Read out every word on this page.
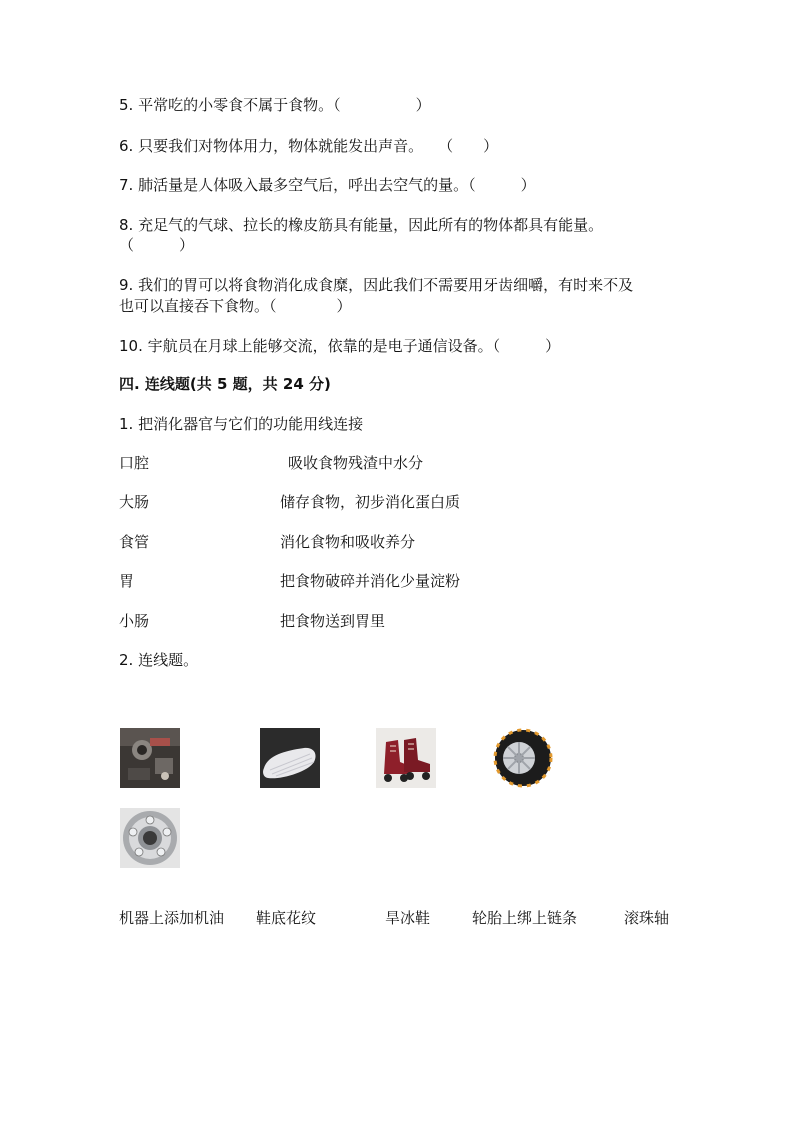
5. 平常吃的小零食不属于食物。（　　　　　）
6. 只要我们对物体用力，物体就能发出声音。　　（　　）
7. 肺活量是人体吸入最多空气后，呼出去空气的量。（　　　）
8. 充足气的气球、拉长的橡皮筋具有能量，因此所有的物体都具有能量。
（　　　）
9. 我们的胃可以将食物消化成食糜，因此我们不需要用牙齿细嚼，有时来不及
也可以直接吞下食物。（　　　　）
10. 宇航员在月球上能够交流，依靠的是电子通信设备。（　　　）
四. 连线题(共 5 题，共 24 分)
1. 把消化器官与它们的功能用线连接
口腔	吸收食物残渣中水分
大肠	储存食物，初步消化蛋白质
食管	消化食物和吸收养分
胃	把食物破碎并消化少量淀粉
小肠	把食物送到胃里
2. 连线题。
机器上添加机油 鞋底花纹	旱冰鞋	轮胎上绑上链条	滚珠轴
